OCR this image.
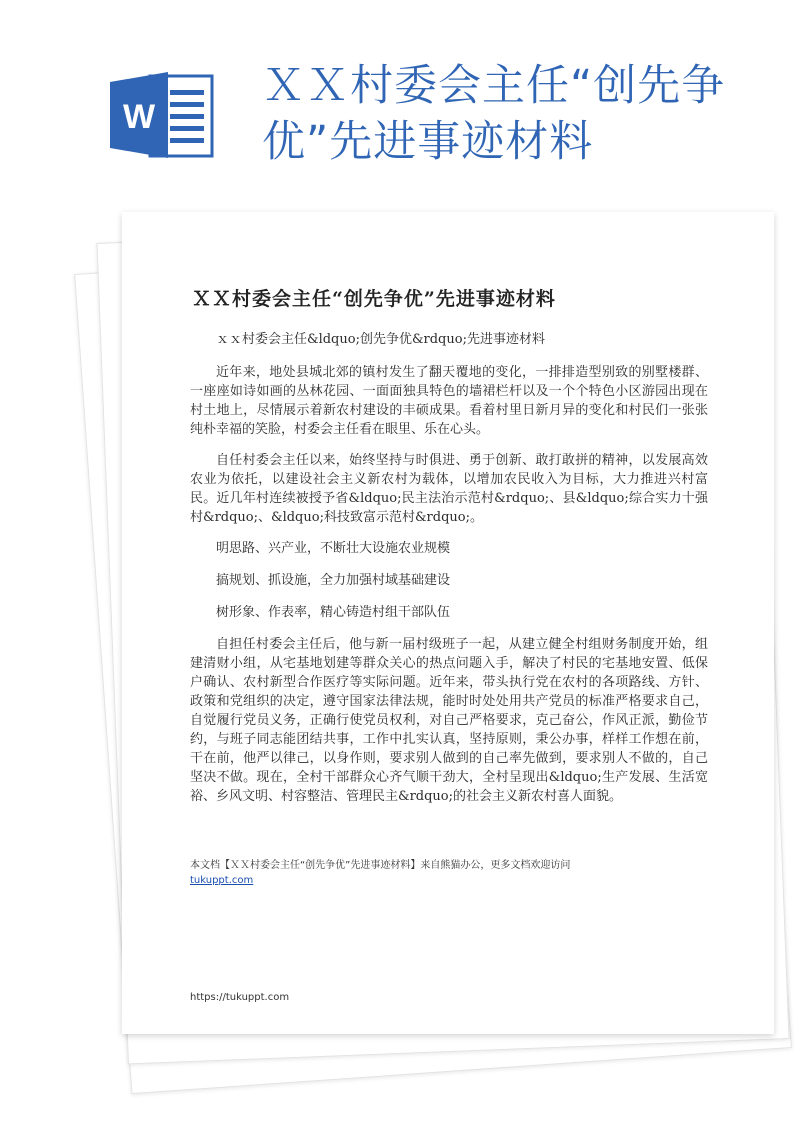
W
ＸＸ村委会主任“创先争优”先进事迹材料
ＸＸ村委会主任“创先争优”先进事迹材料

ｘｘ村委会主任&ldquo;创先争优&rdquo;先进事迹材料

近年来，地处县城北郊的镇村发生了翻天覆地的变化，一排排造型别致的别墅楼群、一座座如诗如画的丛林花园、一面面独具特色的墙裙栏杆以及一个个特色小区游园出现在村土地上，尽情展示着新农村建设的丰硕成果。看着村里日新月异的变化和村民们一张张纯朴幸福的笑脸，村委会主任看在眼里、乐在心头。

自任村委会主任以来，始终坚持与时俱进、勇于创新、敢打敢拼的精神，以发展高效农业为依托，以建设社会主义新农村为载体，以增加农民收入为目标，大力推进兴村富民。近几年村连续被授予省&ldquo;民主法治示范村&rdquo;、县&ldquo;综合实力十强村&rdquo;、&ldquo;科技致富示范村&rdquo;。

明思路、兴产业，不断壮大设施农业规模

搞规划、抓设施，全力加强村域基础建设

树形象、作表率，精心铸造村组干部队伍

自担任村委会主任后，他与新一届村级班子一起，从建立健全村组财务制度开始，组建清财小组，从宅基地划建等群众关心的热点问题入手，解决了村民的宅基地安置、低保户确认、农村新型合作医疗等实际问题。近年来，带头执行党在农村的各项路线、方针、政策和党组织的决定，遵守国家法律法规，能时时处处用共产党员的标准严格要求自己，自觉履行党员义务，正确行使党员权利，对自己严格要求，克己奋公，作风正派，勤俭节约，与班子同志能团结共事，工作中扎实认真，坚持原则，秉公办事，样样工作想在前，干在前，他严以律己，以身作则，要求别人做到的自己率先做到，要求别人不做的，自己坚决不做。现在，全村干部群众心齐气顺干劲大，全村呈现出&ldquo;生产发展、生活宽裕、乡风文明、村容整洁、管理民主&rdquo;的社会主义新农村喜人面貌。

本文档【ＸＸ村委会主任“创先争优”先进事迹材料】来自熊猫办公，更多文档欢迎访问
tukuppt.com
https://tukuppt.com
